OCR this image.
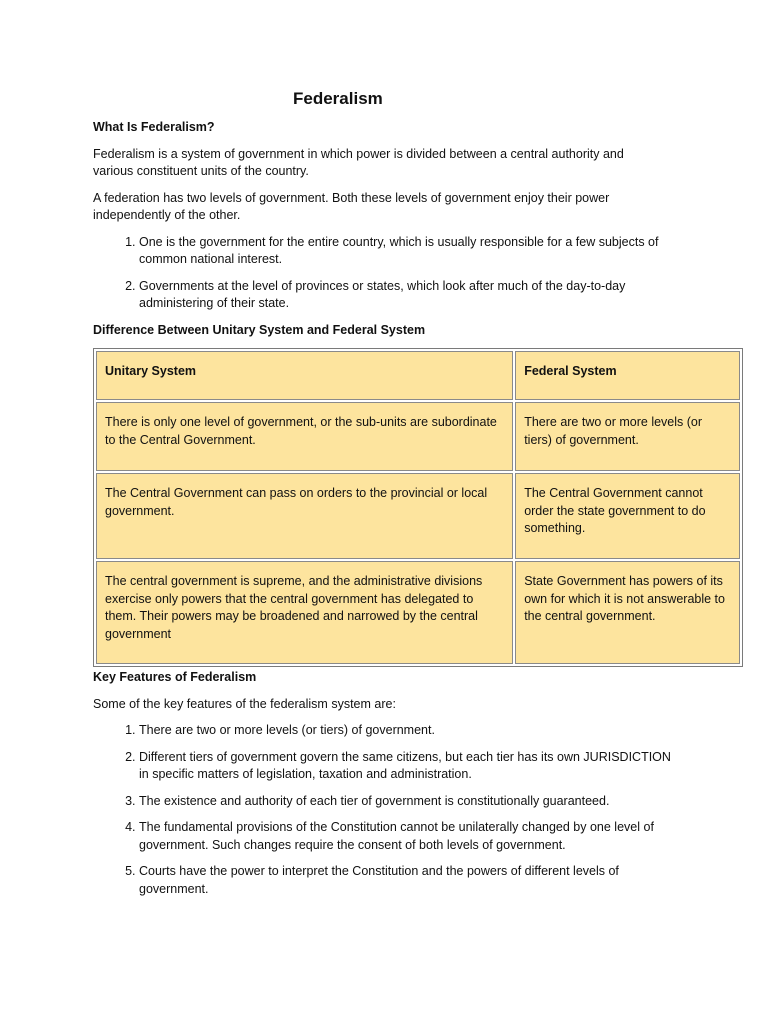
Federalism
What Is Federalism?

Federalism is a system of government in which power is divided between a central authority and various constituent units of the country.

A federation has two levels of government. Both these levels of government enjoy their power independently of the other.

1. One is the government for the entire country, which is usually responsible for a few subjects of common national interest.
2. Governments at the level of provinces or states, which look after much of the day-to-day administering of their state.
Difference Between Unitary System and Federal System
Unitary System	Federal System
There is only one level of government, or the sub-units are subordinate to the Central Government.	There are two or more levels (or tiers) of government.
The Central Government can pass on orders to the provincial or local government.	The Central Government cannot order the state government to do something.
The central government is supreme, and the administrative divisions exercise only powers that the central government has delegated to them. Their powers may be broadened and narrowed by the central government	State Government has powers of its own for which it is not answerable to the central government.
Key Features of Federalism

Some of the key features of the federalism system are:

1. There are two or more levels (or tiers) of government.
2. Different tiers of government govern the same citizens, but each tier has its own JURISDICTION in specific matters of legislation, taxation and administration.
3. The existence and authority of each tier of government is constitutionally guaranteed.
4. The fundamental provisions of the Constitution cannot be unilaterally changed by one level of government. Such changes require the consent of both levels of government.
5. Courts have the power to interpret the Constitution and the powers of different levels of government.
